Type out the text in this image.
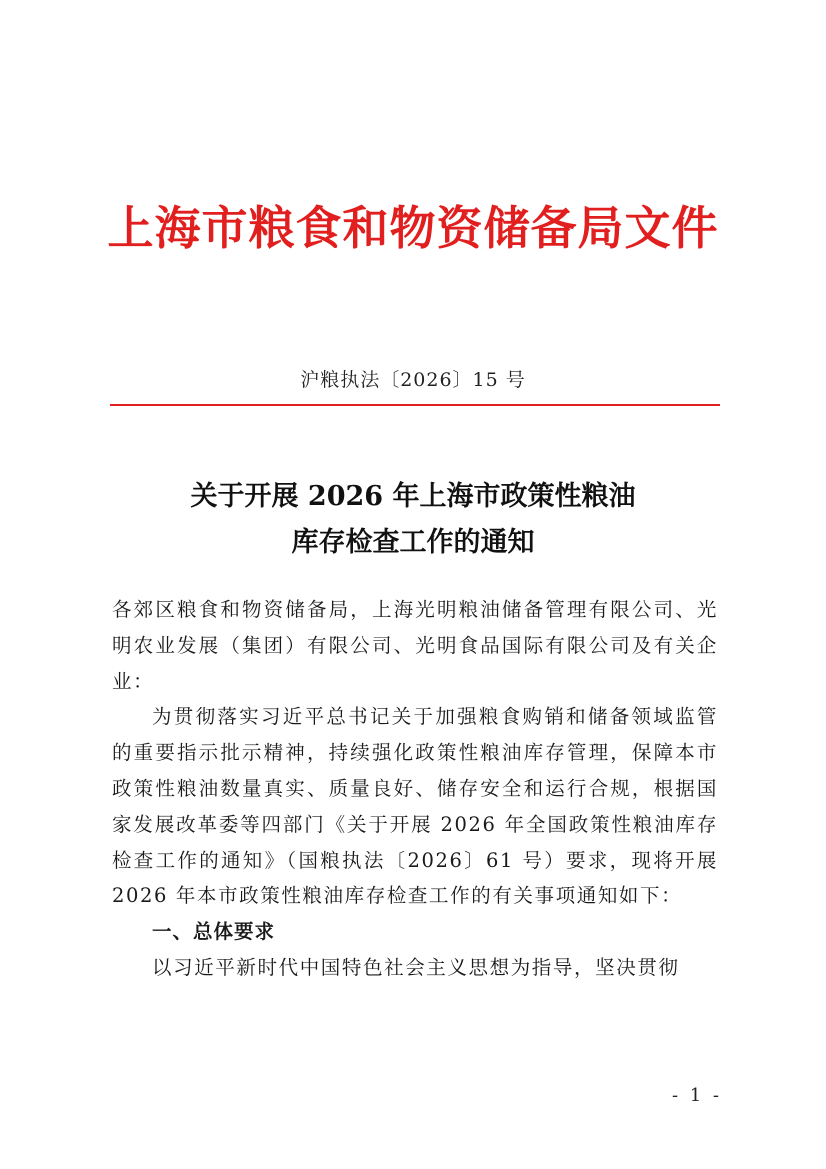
上海市粮食和物资储备局文件
沪粮执法〔2026〕15 号
关于开展 2026 年上海市政策性粮油
库存检查工作的通知

各郊区粮食和物资储备局，上海光明粮油储备管理有限公司、光明农业发展（集团）有限公司、光明食品国际有限公司及有关企业：

为贯彻落实习近平总书记关于加强粮食购销和储备领域监管的重要指示批示精神，持续强化政策性粮油库存管理，保障本市政策性粮油数量真实、质量良好、储存安全和运行合规，根据国家发展改革委等四部门《关于开展 2026 年全国政策性粮油库存检查工作的通知》（国粮执法〔2026〕61 号）要求，现将开展 2026 年本市政策性粮油库存检查工作的有关事项通知如下：

一、总体要求

以习近平新时代中国特色社会主义思想为指导，坚决贯彻

- 1 -
